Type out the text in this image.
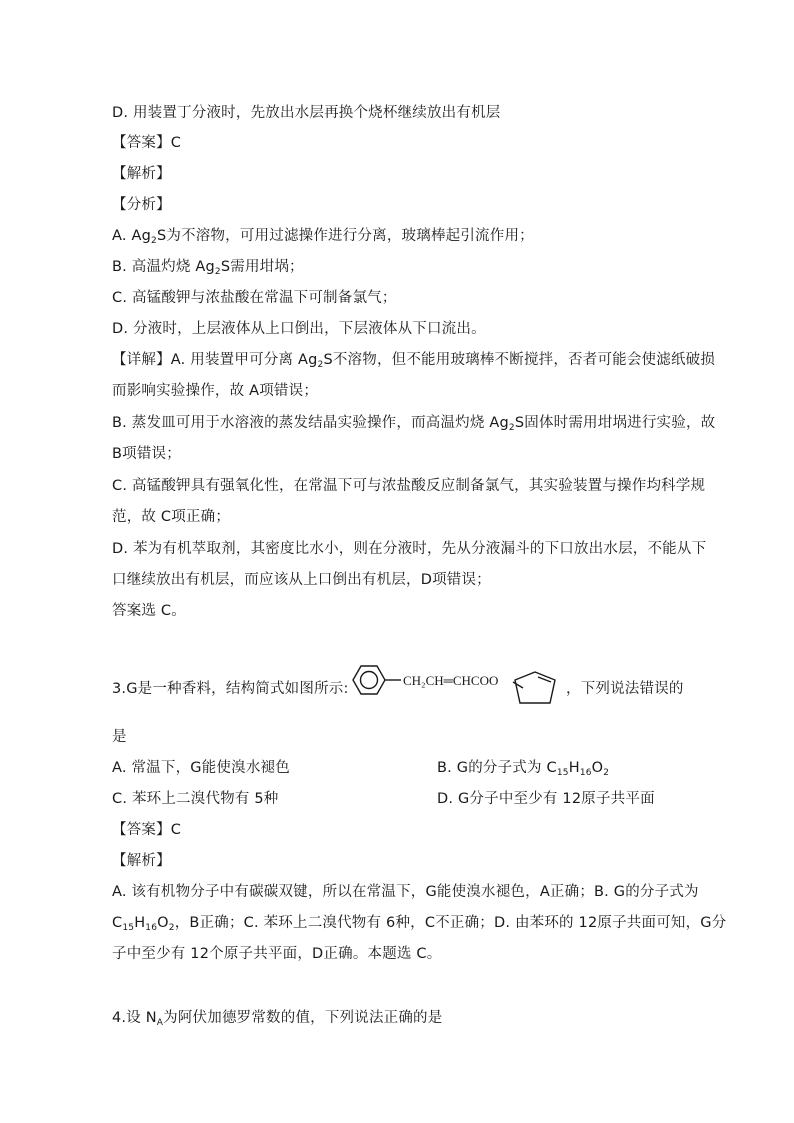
D. 用装置丁分液时，先放出水层再换个烧杯继续放出有机层
【答案】C
【解析】
【分析】
A. $Ag_2S$为不溶物，可用过滤操作进行分离，玻璃棒起引流作用；
B. 高温灼烧 $Ag_2S$需用坩埚；
C. 高锰酸钾与浓盐酸在常温下可制备氯气；
D. 分液时，上层液体从上口倒出，下层液体从下口流出。
【详解】A. 用装置甲可分离 $Ag_2S$不溶物，但不能用玻璃棒不断搅拌，否者可能会使滤纸破损
而影响实验操作，故 A项错误；
B. 蒸发皿可用于水溶液的蒸发结晶实验操作，而高温灼烧 $Ag_2S$固体时需用坩埚进行实验，故
B项错误；
C. 高锰酸钾具有强氧化性，在常温下可与浓盐酸反应制备氯气，其实验装置与操作均科学规
范，故 C项正确；
D. 苯为有机萃取剂，其密度比水小，则在分液时，先从分液漏斗的下口放出水层，不能从下
口继续放出有机层，而应该从上口倒出有机层，D项错误；
答案选 C。
3.G是一种香料，结构简式如图所示:
CH₂CH═CHCOO
，下列说法错误的
是
A. 常温下，G能使溴水褪色	B. G的分子式为 $C_{15}H_{16}O_2$
C. 苯环上二溴代物有 5种	D. G分子中至少有 12原子共平面
【答案】C
【解析】
A. 该有机物分子中有碳碳双键，所以在常温下，G能使溴水褪色，A正确；B. G的分子式为
$C_{15}H_{16}O_2$，B正确；C. 苯环上二溴代物有 6种，C不正确；D. 由苯环的 12原子共面可知，G分
子中至少有 12个原子共平面，D正确。本题选 C。
4.设 $N_A$为阿伏加德罗常数的值，下列说法正确的是
